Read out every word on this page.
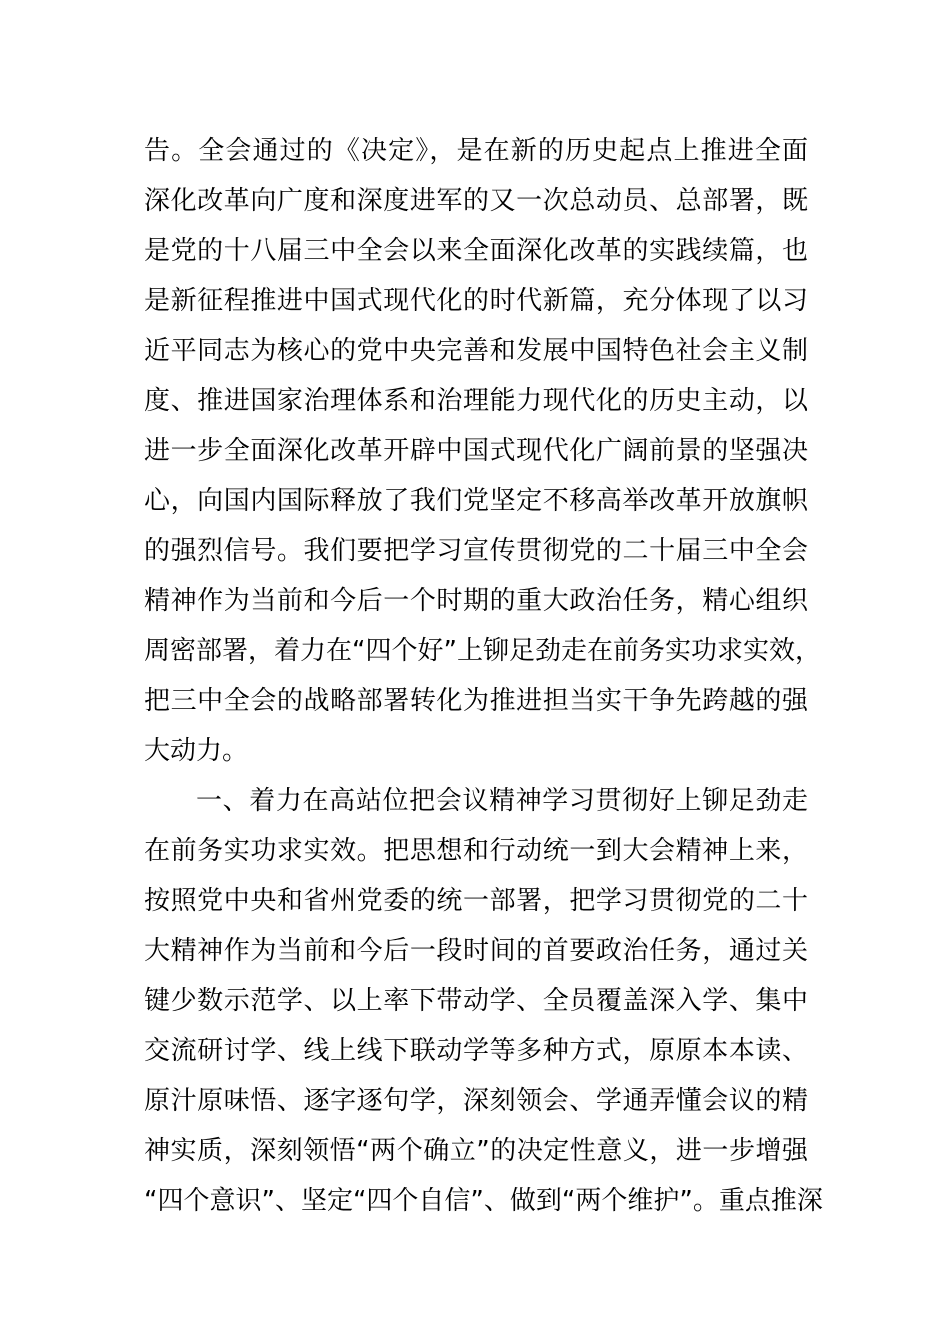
告。全会通过的《决定》，是在新的历史起点上推进全面
深化改革向广度和深度进军的又一次总动员、总部署，既
是党的十八届三中全会以来全面深化改革的实践续篇，也
是新征程推进中国式现代化的时代新篇，充分体现了以习
近平同志为核心的党中央完善和发展中国特色社会主义制
度、推进国家治理体系和治理能力现代化的历史主动，以
进一步全面深化改革开辟中国式现代化广阔前景的坚强决
心，向国内国际释放了我们党坚定不移高举改革开放旗帜
的强烈信号。我们要把学习宣传贯彻党的二十届三中全会
精神作为当前和今后一个时期的重大政治任务，精心组织
周密部署，着力在“四个好”上铆足劲走在前务实功求实效，
把三中全会的战略部署转化为推进担当实干争先跨越的强
大动力。
一、着力在高站位把会议精神学习贯彻好上铆足劲走
在前务实功求实效。把思想和行动统一到大会精神上来，
按照党中央和省州党委的统一部署，把学习贯彻党的二十
大精神作为当前和今后一段时间的首要政治任务，通过关
键少数示范学、以上率下带动学、全员覆盖深入学、集中
交流研讨学、线上线下联动学等多种方式，原原本本读、
原汁原味悟、逐字逐句学，深刻领会、学通弄懂会议的精
神实质，深刻领悟“两个确立”的决定性意义，进一步增强
“四个意识”、坚定“四个自信”、做到“两个维护”。重点推深
